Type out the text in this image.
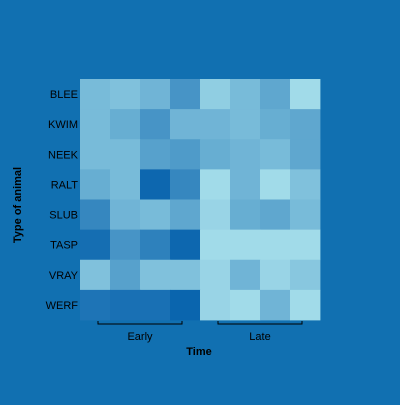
BLEE
KWIM
NEEK
RALT
SLUB
TASP
VRAY
WERF
Early	Late
Time
Type of animal
